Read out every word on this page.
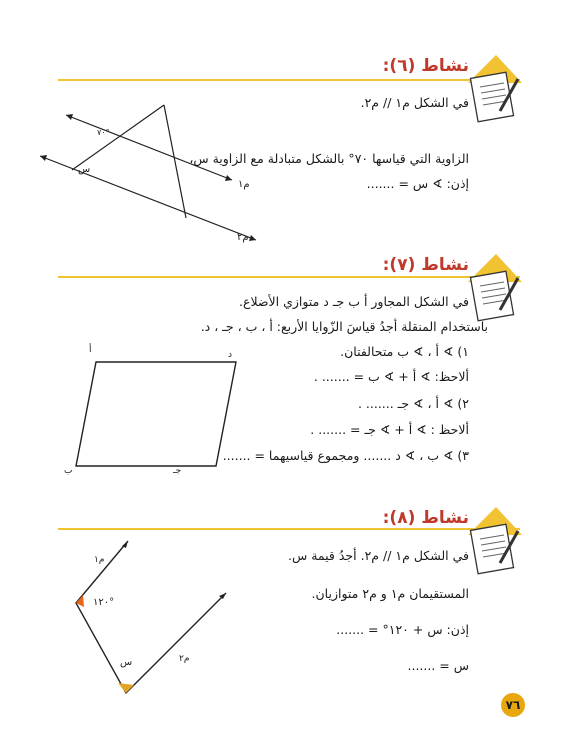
نشاط (٦):
في الشكل م١ // م٢.
الزاوية التي قياسها ٧٠° بالشكل متبادلة مع الزاوية س،
إذن: ∢ س = .......
٧٠°
س
م١
م٢
نشاط (٧):
في الشكل المجاور أ ب جـ د متوازي الأضلاع.
باستخدام المنقلة أجدُ قياسَ الزّوايا الأربع: أ ، ب ، جـ ، د.
١) ∢ أ ، ∢ ب متحالفتان.
ألاحظ: ∢ أ + ∢ ب = ....... .
٢) ∢ أ ، ∢ جـ ....... .
ألاحظ : ∢ أ + ∢ جـ = ....... .
٣) ∢ ب ، ∢ د ....... ومجموع قياسيهما = .......
أ	د
ب	جـ
نشاط (٨):
في الشكل م١ // م٢. أجدُ قيمة س.
المستقيمان م١ و م٢ متوازيان.
إذن: س + ١٢٠° = .......
س = .......
م١
م٢
١٢٠°
س
٧٦
